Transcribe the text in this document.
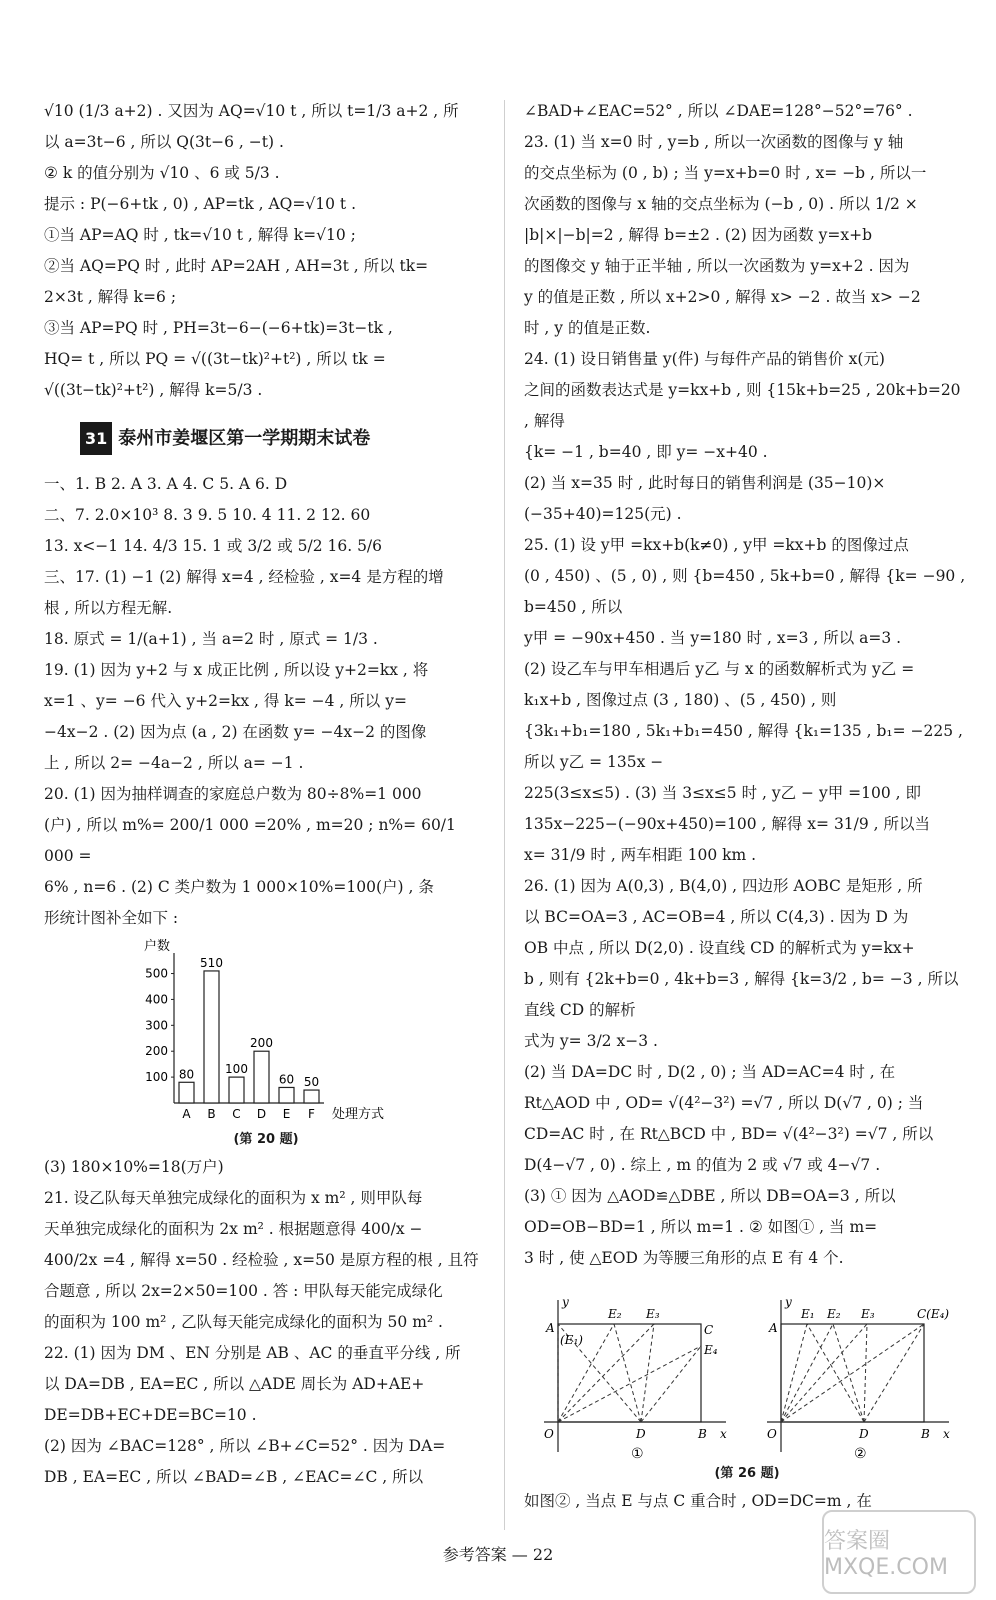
√10 (1/3 a+2) . 又因为 AQ=√10 t , 所以 t=1/3 a+2 , 所

以 a=3t−6 , 所以 Q(3t−6 , −t) .

② k 的值分别为 √10 、6 或 5/3 .

提示 : P(−6+tk , 0) , AP=tk , AQ=√10 t .

①当 AP=AQ 时 , tk=√10 t , 解得 k=√10 ;

②当 AQ=PQ 时 , 此时 AP=2AH , AH=3t , 所以 tk=

2×3t , 解得 k=6 ;

③当 AP=PQ 时 , PH=3t−6−(−6+tk)=3t−tk ,

HQ= t , 所以 PQ = √((3t−tk)²+t²) , 所以 tk =

√((3t−tk)²+t²) , 解得 k=5/3 .

31 泰州市姜堰区第一学期期末试卷

一、1. B 2. A 3. A 4. C 5. A 6. D

二、7. 2.0×10³ 8. 3 9. 5 10. 4 11. 2 12. 60

13. x<−1 14. 4/3 15. 1 或 3/2 或 5/2 16. 5/6

三、17. (1) −1 (2) 解得 x=4 , 经检验 , x=4 是方程的增

根 , 所以方程无解.

18. 原式 = 1/(a+1) , 当 a=2 时 , 原式 = 1/3 .

19. (1) 因为 y+2 与 x 成正比例 , 所以设 y+2=kx , 将

x=1 、y= −6 代入 y+2=kx , 得 k= −4 , 所以 y=

−4x−2 . (2) 因为点 (a , 2) 在函数 y= −4x−2 的图像

上 , 所以 2= −4a−2 , 所以 a= −1 .

20. (1) 因为抽样调查的家庭总户数为 80÷8%=1 000

(户) , 所以 m%= 200/1 000 =20% , m=20 ; n%= 60/1 000 =

6% , n=6 . (2) C 类户数为 1 000×10%=100(户) , 条

形统计图补全如下 :

户数
100
200
300
400
500
80
A
510
B
100
C
200
D
60
E
50
F 处理方式
(第 20 题)

(3) 180×10%=18(万户)

21. 设乙队每天单独完成绿化的面积为 x m² , 则甲队每

天单独完成绿化的面积为 2x m² . 根据题意得 400/x −

400/2x =4 , 解得 x=50 . 经检验 , x=50 是原方程的根 , 且符

合题意 , 所以 2x=2×50=100 . 答 : 甲队每天能完成绿化

的面积为 100 m² , 乙队每天能完成绿化的面积为 50 m² .

22. (1) 因为 DM 、EN 分别是 AB 、AC 的垂直平分线 , 所

以 DA=DB , EA=EC , 所以 △ADE 周长为 AD+AE+

DE=DB+EC+DE=BC=10 .

(2) 因为 ∠BAC=128° , 所以 ∠B+∠C=52° . 因为 DA=

DB , EA=EC , 所以 ∠BAD=∠B , ∠EAC=∠C , 所以

∠BAD+∠EAC=52° , 所以 ∠DAE=128°−52°=76° .

23. (1) 当 x=0 时 , y=b , 所以一次函数的图像与 y 轴

的交点坐标为 (0 , b) ; 当 y=x+b=0 时 , x= −b , 所以一

次函数的图像与 x 轴的交点坐标为 (−b , 0) . 所以 1/2 ×

|b|×|−b|=2 , 解得 b=±2 . (2) 因为函数 y=x+b

的图像交 y 轴于正半轴 , 所以一次函数为 y=x+2 . 因为

y 的值是正数 , 所以 x+2>0 , 解得 x> −2 . 故当 x> −2

时 , y 的值是正数.

24. (1) 设日销售量 y(件) 与每件产品的销售价 x(元)

之间的函数表达式是 y=kx+b , 则 {15k+b=25 , 20k+b=20 , 解得

{k= −1 , b=40 , 即 y= −x+40 .

(2) 当 x=35 时 , 此时每日的销售利润是 (35−10)×

(−35+40)=125(元) .

25. (1) 设 y甲 =kx+b(k≠0) , y甲 =kx+b 的图像过点

(0 , 450) 、(5 , 0) , 则 {b=450 , 5k+b=0 , 解得 {k= −90 , b=450 , 所以

y甲 = −90x+450 . 当 y=180 时 , x=3 , 所以 a=3 .

(2) 设乙车与甲车相遇后 y乙 与 x 的函数解析式为 y乙 =

k₁x+b , 图像过点 (3 , 180) 、(5 , 450) , 则

{3k₁+b₁=180 , 5k₁+b₁=450 , 解得 {k₁=135 , b₁= −225 , 所以 y乙 = 135x −

225(3≤x≤5) . (3) 当 3≤x≤5 时 , y乙 − y甲 =100 , 即

135x−225−(−90x+450)=100 , 解得 x= 31/9 , 所以当

x= 31/9 时 , 两车相距 100 km .

26. (1) 因为 A(0,3) , B(4,0) , 四边形 AOBC 是矩形 , 所

以 BC=OA=3 , AC=OB=4 , 所以 C(4,3) . 因为 D 为

OB 中点 , 所以 D(2,0) . 设直线 CD 的解析式为 y=kx+

b , 则有 {2k+b=0 , 4k+b=3 , 解得 {k=3/2 , b= −3 , 所以直线 CD 的解析

式为 y= 3/2 x−3 .

(2) 当 DA=DC 时 , D(2 , 0) ; 当 AD=AC=4 时 , 在

Rt△AOD 中 , OD= √(4²−3²) =√7 , 所以 D(√7 , 0) ; 当

CD=AC 时 , 在 Rt△BCD 中 , BD= √(4²−3²) =√7 , 所以

D(4−√7 , 0) . 综上 , m 的值为 2 或 √7 或 4−√7 .

(3) ① 因为 △AOD≌△DBE , 所以 DB=OA=3 , 所以

OD=OB−BD=1 , 所以 m=1 . ② 如图① , 当 m=

3 时 , 使 △EOD 为等腰三角形的点 E 有 4 个.

y
A
(E₁)
E₂ E₃
C
E₄
O	D	B x
①
y
A
E₁ E₂ E₃	C(E₄)
O	D	B x
②
(第 26 题)

如图② , 当点 E 与点 C 重合时 , OD=DC=m , 在

参考答案 — 22
答案圈 MXQE.COM
